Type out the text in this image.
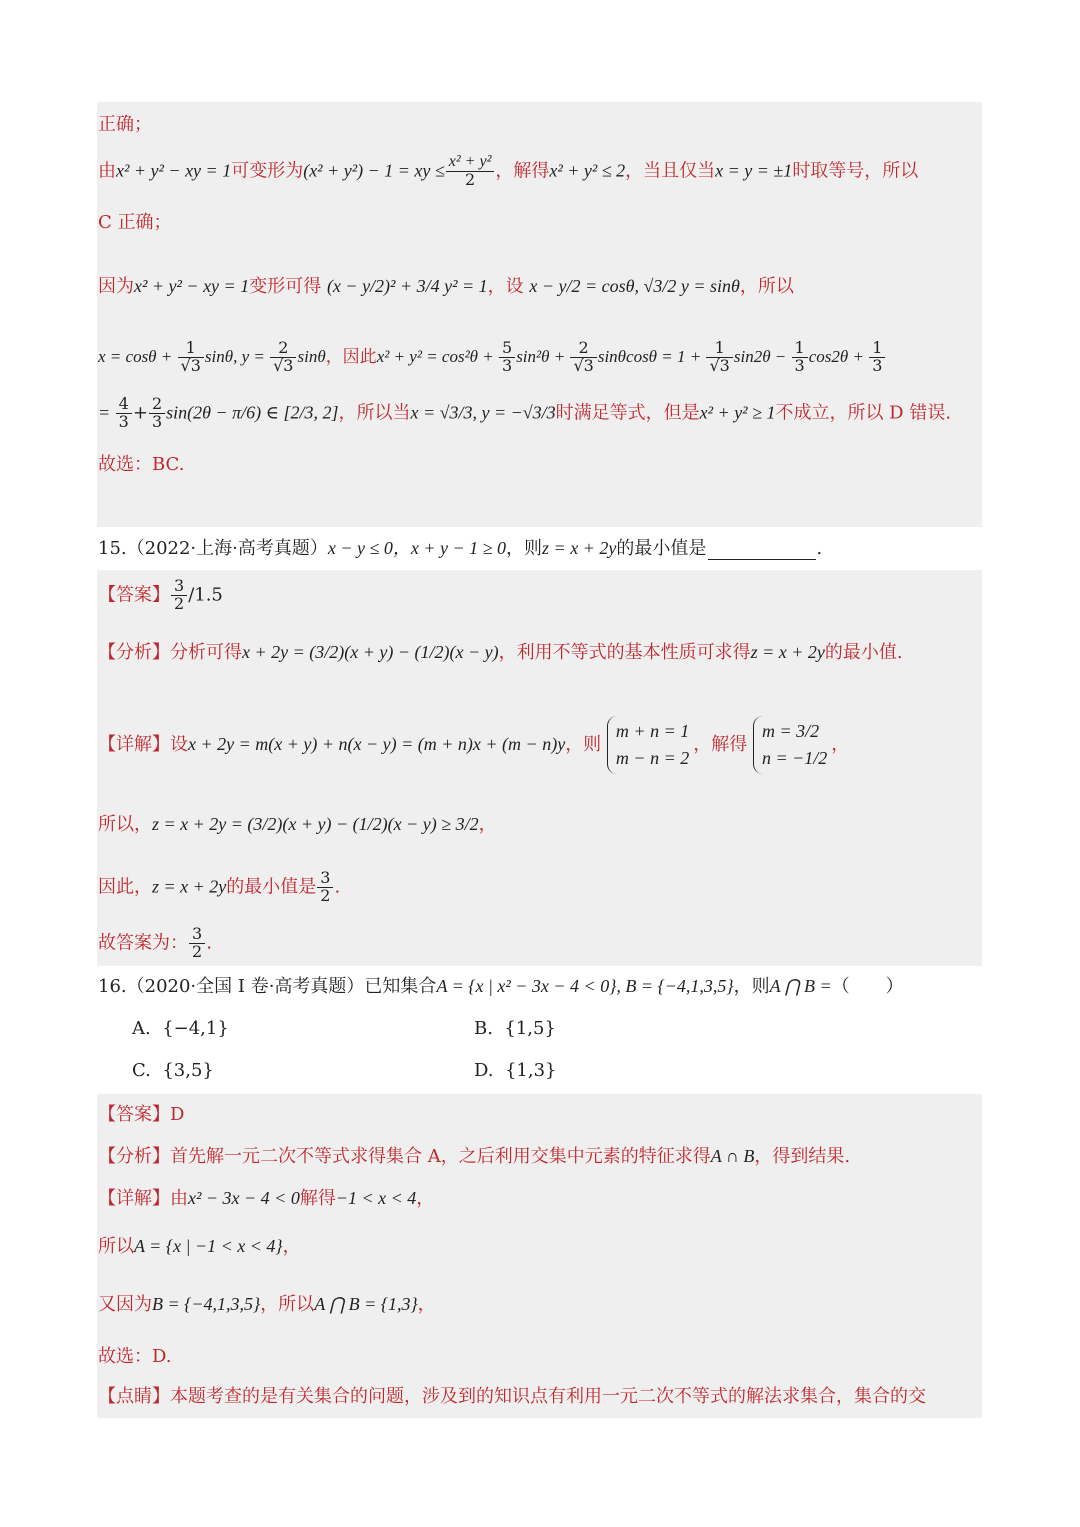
正确；
由x² + y² − xy = 1可变形为(x² + y²) − 1 = xy ≤ $\frac{\text{x² + y²}}{2}$ ，解得x² + y² ≤ 2，当且仅当x = y = ±1时取等号，所以
C 正确；
因为x² + y² − xy = 1变形可得 (x − y/2)² + 3/4 y² = 1，设 x − y/2 = cosθ, √3/2 y = sinθ，所以
$x = \cos\theta + \frac{1}{√3} \sin\theta$, $y = \frac{2}{√3}$ sinθ，因此$x^2 + y^2 = \cos^2\theta + \frac{5}{3} \sin^2\theta + \frac{2}{√3}$ $\sin\theta\cos\theta = 1 + \frac{1}{√3} \sin 2\theta - \frac{1}{3} \cos 2\theta + \frac{1}{3}$
= $\frac{4}{3} + \frac{2}{3} \sin(2\theta - \pi/6)$ ∈ [2/3, 2]，所以当x = √3/3, y = −√3/3时满足等式，但是x² + y² ≥ 1不成立，所以 D 错误.
故选：BC.
15.（2022·上海·高考真题）x − y ≤ 0，x + y − 1 ≥ 0，则z = x + 2y的最小值是	.
【答案】 $\frac{3}{2} /1.5$
【分析】分析可得x + 2y = (3/2)(x + y) − (1/2)(x − y)，利用不等式的基本性质可求得z = x + 2y的最小值.
【详解】设x + 2y = m(x + y) + n(x − y) = (m + n)x + (m − n)y，则
m + n = 1
m − n = 2
，解得
m = 3/2
n = −1/2
，
所以，z = x + 2y = (3/2)(x + y) − (1/2)(x − y) ≥ 3/2，
因此，z = x + 2y的最小值是 $\frac{3}{2}$ .
故答案为： $\frac{3}{2}$ .
16.（2020·全国 I 卷·高考真题）已知集合A = {x | x² − 3x − 4 < 0}, B = {−4,1,3,5}，则A ⋂ B =（　　）
A. {−4,1}	B. {1,5}
C. {3,5}	D. {1,3}
【答案】D
【分析】首先解一元二次不等式求得集合 A，之后利用交集中元素的特征求得A ∩ B，得到结果.
【详解】由x² − 3x − 4 < 0解得−1 < x < 4，
所以A = {x | −1 < x < 4}，
又因为B = {−4,1,3,5}，所以A ⋂ B = {1,3}，
故选：D.
【点睛】本题考查的是有关集合的问题，涉及到的知识点有利用一元二次不等式的解法求集合，集合的交
